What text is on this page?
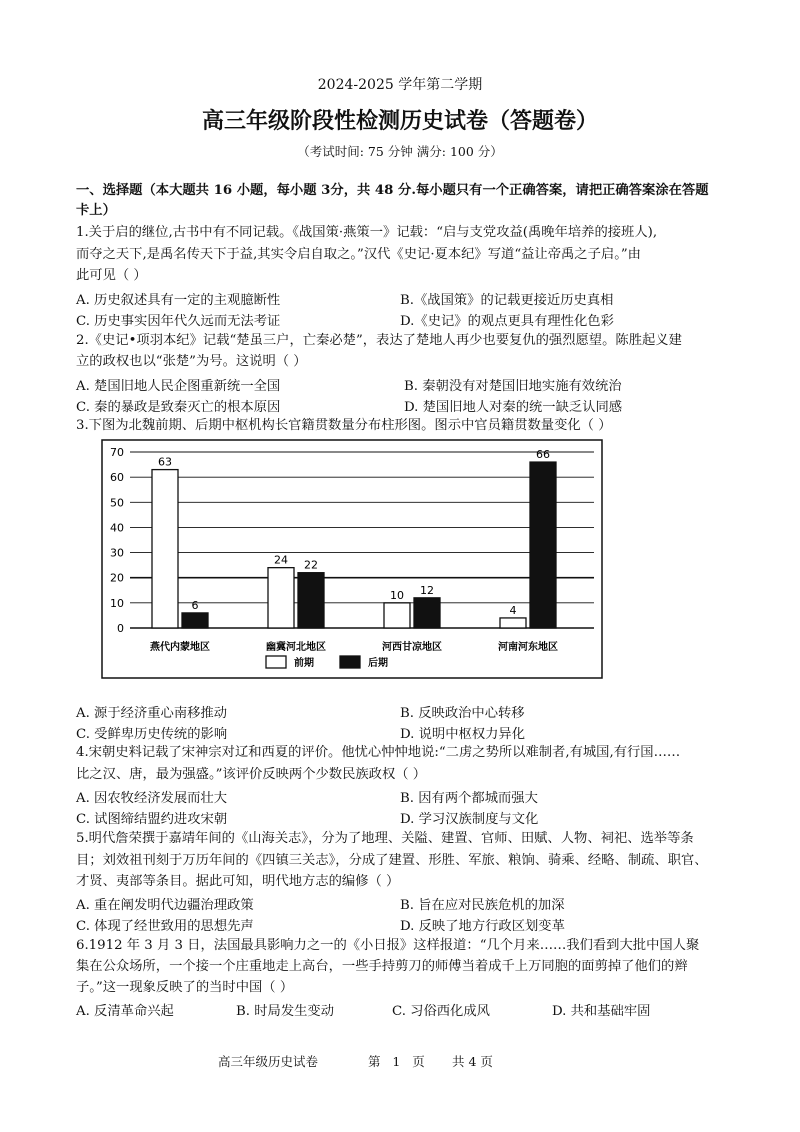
2024-2025 学年第二学期
高三年级阶段性检测历史试卷（答题卷）
（考试时间: 75 分钟 满分: 100 分）
一、选择题（本大题共 16 小题，每小题 3分，共 48 分.每小题只有一个正确答案，请把正确答案涂在答题
卡上）
1.关于启的继位,古书中有不同记载。《战国策·燕策一》记载：“启与支党攻益(禹晚年培养的接班人),
而夺之天下,是禹名传天下于益,其实令启自取之。”汉代《史记·夏本纪》写道“益让帝禹之子启。”由
此可见（ ）
A. 历史叙述具有一定的主观臆断性	B.《战国策》的记载更接近历史真相
C. 历史事实因年代久远而无法考证	D.《史记》的观点更具有理性化色彩
2.《史记•项羽本纪》记载“楚虽三户，亡秦必楚”，表达了楚地人再少也要复仇的强烈愿望。陈胜起义建
立的政权也以“张楚”为号。这说明（ ）
A. 楚国旧地人民企图重新统一全国	B. 秦朝没有对楚国旧地实施有效统治
C. 秦的暴政是致秦灭亡的根本原因	D. 楚国旧地人对秦的统一缺乏认同感
3.下图为北魏前期、后期中枢机构长官籍贯数量分布柱形图。图示中官员籍贯数量变化（ ）
0
10
20
30
40
50
60
70
63
6
24 22
10 12
4
66
燕代内蒙地区	幽冀河北地区	河西甘凉地区	河南河东地区
前期	后期
A. 源于经济重心南移推动	B. 反映政治中心转移
C. 受鲜卑历史传统的影响	D. 说明中枢权力异化
4.宋朝史料记载了宋神宗对辽和西夏的评价。他忧心忡忡地说:“二虏之势所以难制者,有城国,有行国……
比之汉、唐，最为强盛。”该评价反映两个少数民族政权（ ）
A. 因农牧经济发展而壮大	B. 因有两个都城而强大
C. 试图缔结盟约进攻宋朝	D. 学习汉族制度与文化
5.明代詹荣撰于嘉靖年间的《山海关志》，分为了地理、关隘、建置、官师、田赋、人物、祠祀、选举等条
目；刘效祖刊刻于万历年间的《四镇三关志》，分成了建置、形胜、军旅、粮饷、骑乘、经略、制疏、职官、
才贤、夷部等条目。据此可知，明代地方志的编修（ ）
A. 重在阐发明代边疆治理政策	B. 旨在应对民族危机的加深
C. 体现了经世致用的思想先声	D. 反映了地方行政区划变革
6.1912 年 3 月 3 日，法国最具影响力之一的《小日报》这样报道：“几个月来……我们看到大批中国人聚
集在公众场所，一个接一个庄重地走上高台，一些手持剪刀的师傅当着成千上万同胞的面剪掉了他们的辫
子。”这一现象反映了的当时中国（ ）
A. 反清革命兴起	B. 时局发生变动	C. 习俗西化成风	D. 共和基础牢固
高三年级历史试卷	第   1   页 共 4 页
